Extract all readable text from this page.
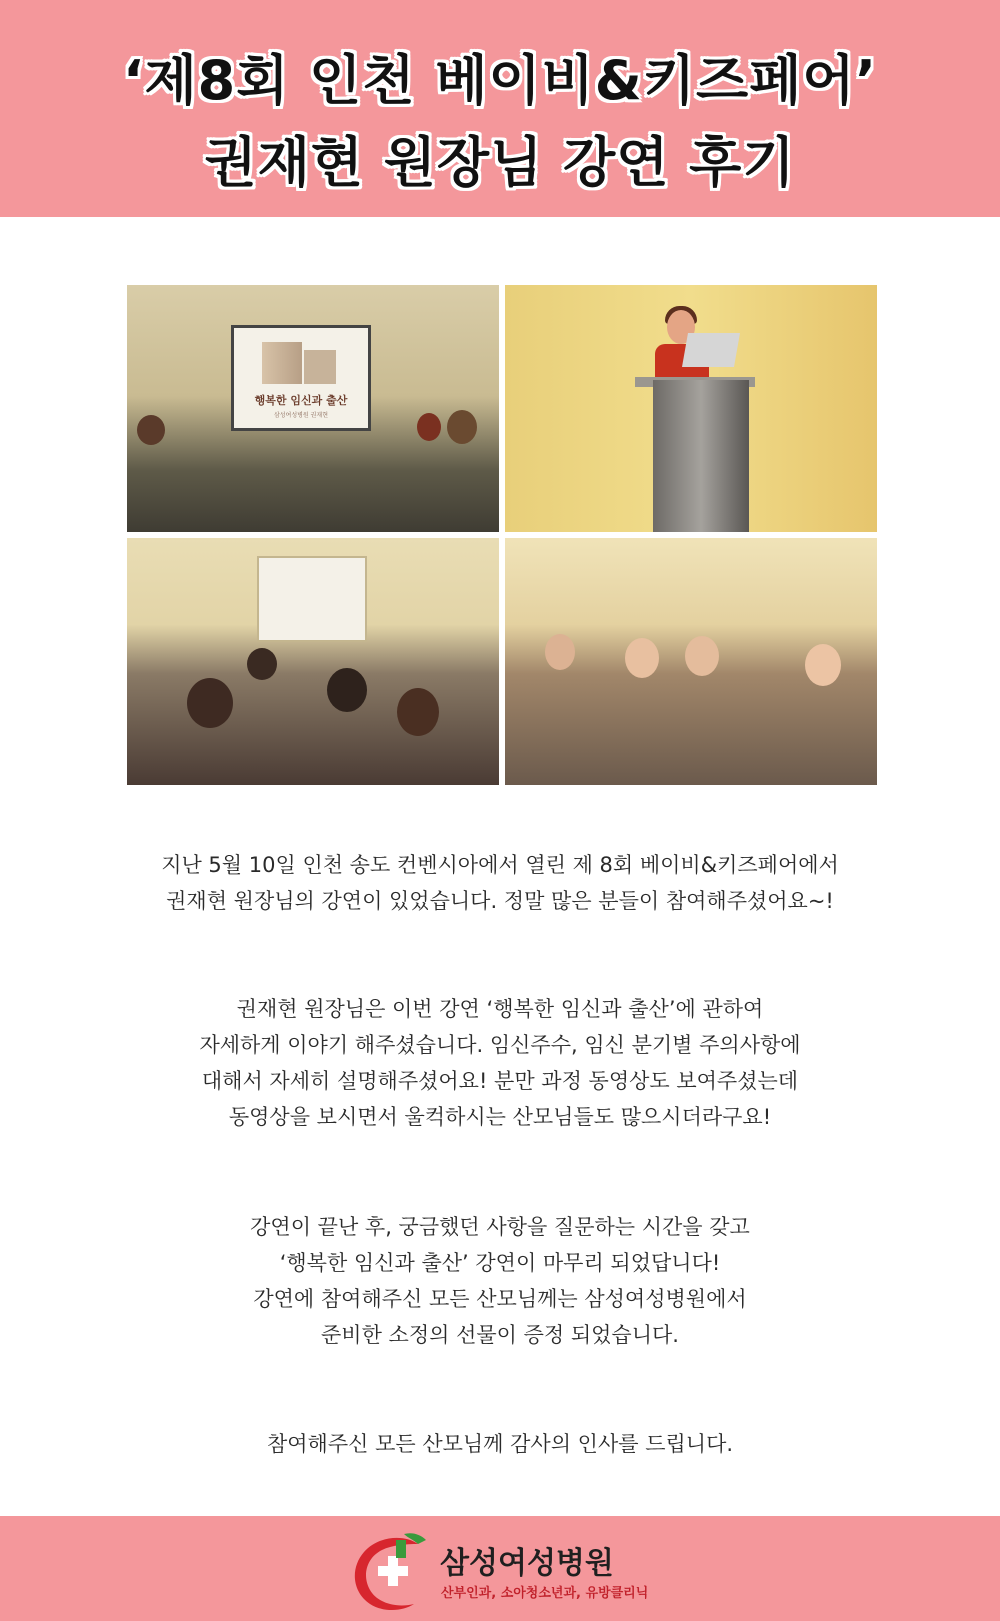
‘제8회 인천 베이비&키즈페어’
권재현 원장님 강연 후기
행복한 임신과 출산
삼성여성병원 권재현
지난 5월 10일 인천 송도 컨벤시아에서 열린 제 8회 베이비&키즈페어에서
권재현 원장님의 강연이 있었습니다. 정말 많은 분들이 참여해주셨어요~!
권재현 원장님은 이번 강연 ‘행복한 임신과 출산’에 관하여
자세하게 이야기 해주셨습니다. 임신주수, 임신 분기별 주의사항에
대해서 자세히 설명해주셨어요! 분만 과정 동영상도 보여주셨는데
동영상을 보시면서 울컥하시는 산모님들도 많으시더라구요!
강연이 끝난 후, 궁금했던 사항을 질문하는 시간을 갖고
‘행복한 임신과 출산’ 강연이 마무리 되었답니다!
강연에 참여해주신 모든 산모님께는 삼성여성병원에서
준비한 소정의 선물이 증정 되었습니다.
참여해주신 모든 산모님께 감사의 인사를 드립니다.
삼성여성병원
산부인과, 소아청소년과, 유방클리닉
